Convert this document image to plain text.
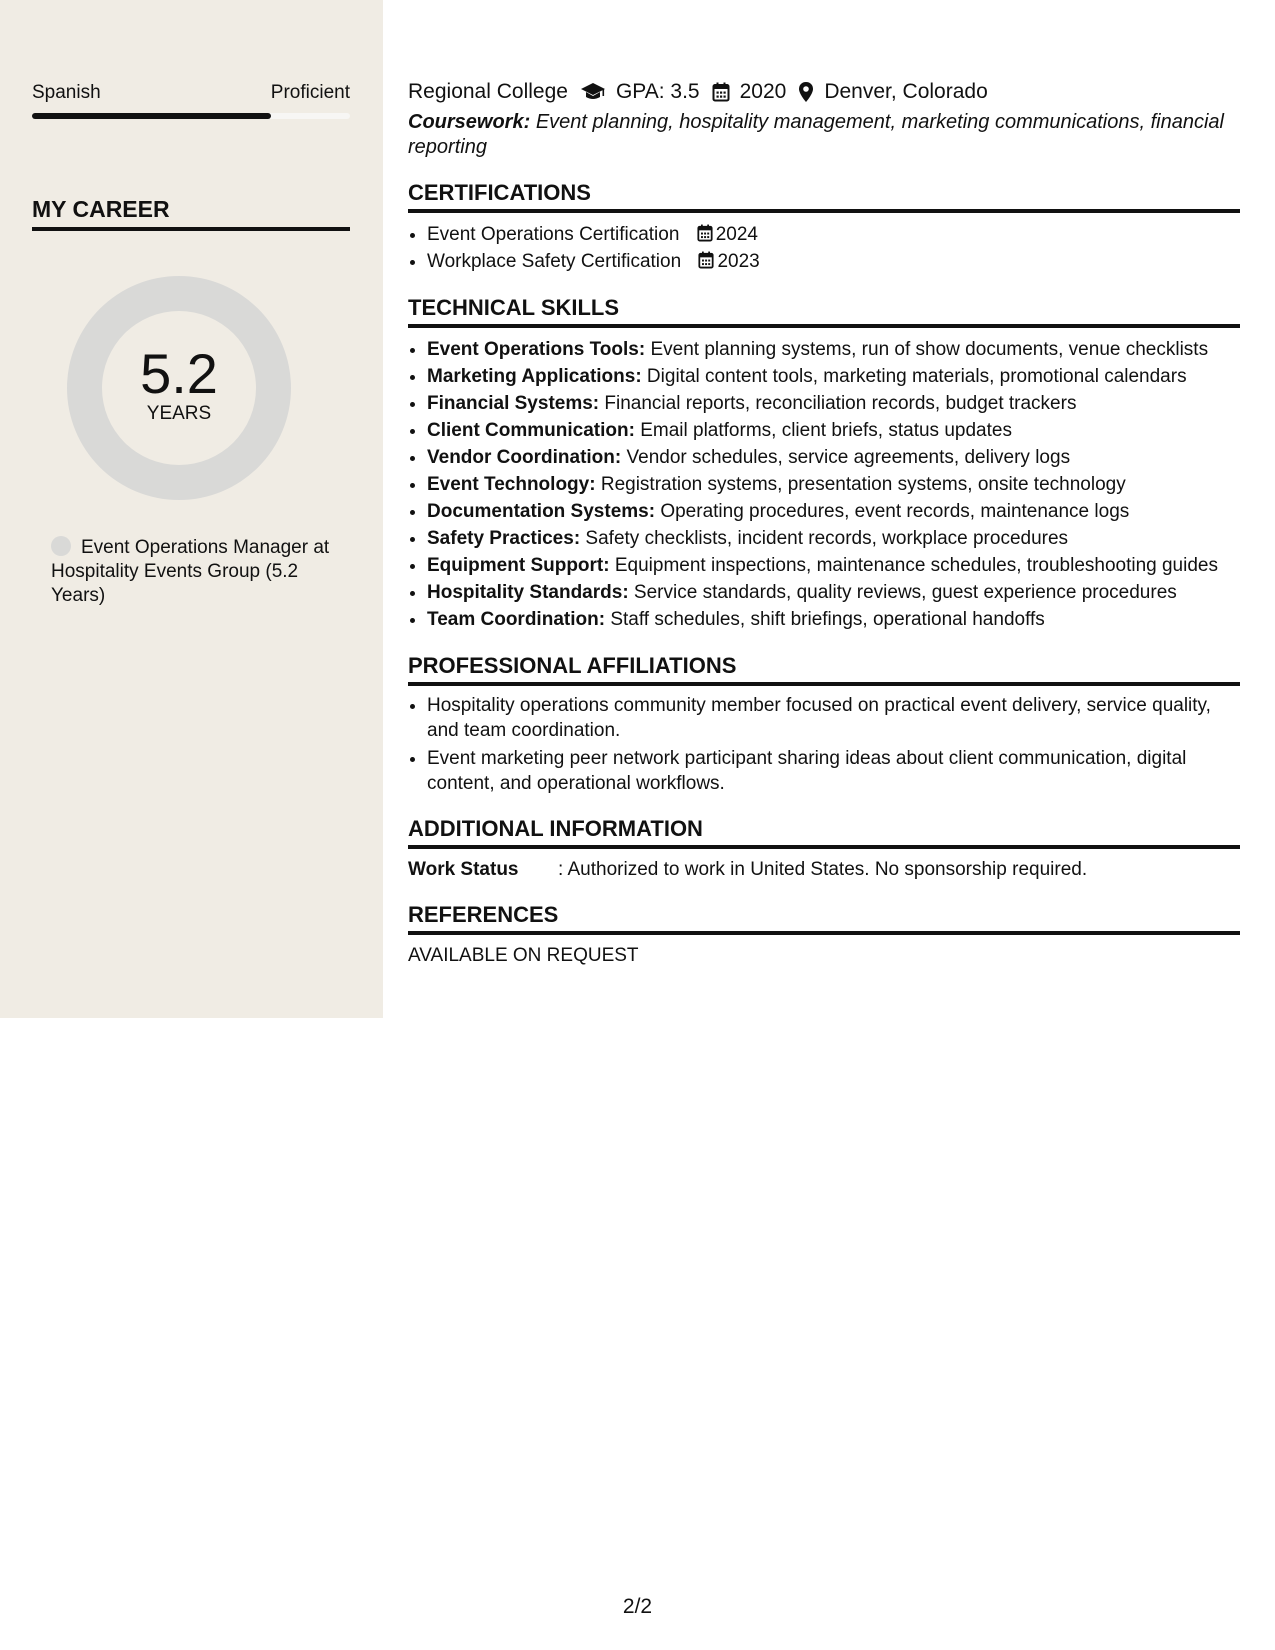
Spanish	Proficient
MY CAREER
5.2
YEARS
Event Operations Manager at Hospitality Events Group (5.2 Years)
Regional College GPA: 3.5 2020 Denver, Colorado
Coursework: Event planning, hospitality management, marketing communications, financial reporting
CERTIFICATIONS
• Event Operations Certification 2024
• Workplace Safety Certification 2023
TECHNICAL SKILLS
• Event Operations Tools: Event planning systems, run of show documents, venue checklists
• Marketing Applications: Digital content tools, marketing materials, promotional calendars
• Financial Systems: Financial reports, reconciliation records, budget trackers
• Client Communication: Email platforms, client briefs, status updates
• Vendor Coordination: Vendor schedules, service agreements, delivery logs
• Event Technology: Registration systems, presentation systems, onsite technology
• Documentation Systems: Operating procedures, event records, maintenance logs
• Safety Practices: Safety checklists, incident records, workplace procedures
• Equipment Support: Equipment inspections, maintenance schedules, troubleshooting guides
• Hospitality Standards: Service standards, quality reviews, guest experience procedures
• Team Coordination: Staff schedules, shift briefings, operational handoffs
PROFESSIONAL AFFILIATIONS
• Hospitality operations community member focused on practical event delivery, service quality, and team coordination.
• Event marketing peer network participant sharing ideas about client communication, digital content, and operational workflows.
ADDITIONAL INFORMATION
Work Status	: Authorized to work in United States. No sponsorship required.
REFERENCES
AVAILABLE ON REQUEST
2/2
